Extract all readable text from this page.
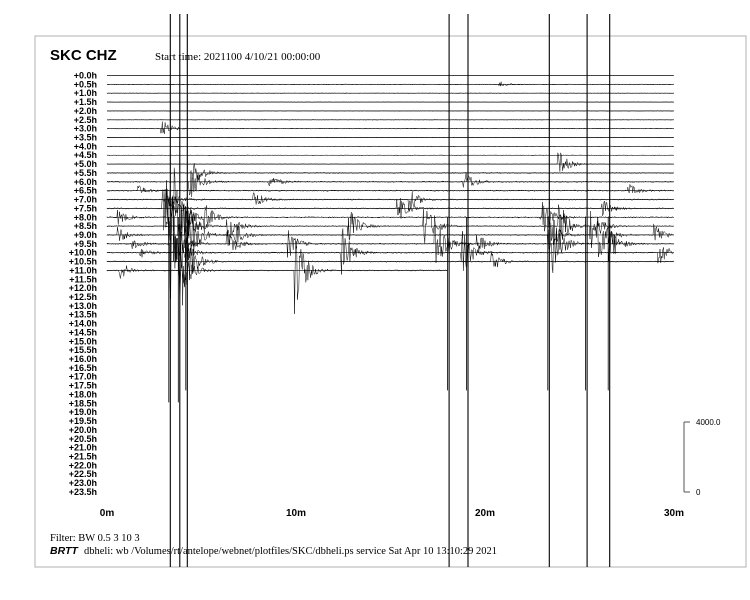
SKC CHZ	Start time: 2021100 4/10/21 00:00:00
+0.0h
+0.5h
+1.0h
+1.5h
+2.0h
+2.5h
+3.0h
+3.5h
+4.0h
+4.5h
+5.0h
+5.5h
+6.0h
+6.5h
+7.0h
+7.5h
+8.0h
+8.5h
+9.0h
+9.5h
+10.0h
+10.5h
+11.0h
+11.5h
+12.0h
+12.5h
+13.0h
+13.5h
+14.0h
+14.5h
+15.0h
+15.5h
+16.0h
+16.5h
+17.0h
+17.5h
+18.0h
+18.5h
+19.0h
+19.5h
+20.0h
+20.5h
+21.0h
+21.5h
+22.0h
+22.5h
+23.0h
+23.5h
0m	10m	20m	30m
4000.0
0
Filter: BW 0.5 3 10 3
BRTT dbheli: wb /Volumes/rt/antelope/webnet/plotfiles/SKC/dbheli.ps service Sat Apr 10 13:10:29 2021
